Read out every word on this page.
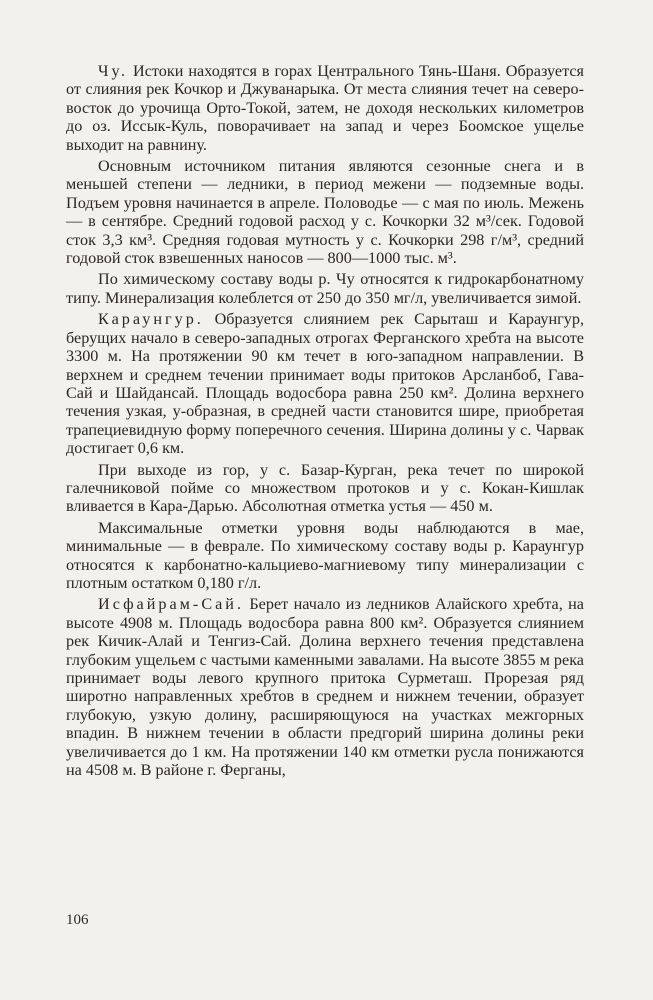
Чу. Истоки находятся в горах Центрального Тянь-Шаня. Образуется от слияния рек Кочкор и Джуванарыка. От места слияния течет на северо-восток до урочища Орто-Токой, затем, не доходя нескольких километров до оз. Иссык-Куль, поворачивает на запад и через Боомское ущелье выходит на равнину.

Основным источником питания являются сезонные снега и в меньшей степени — ледники, в период межени — подземные воды. Подъем уровня начинается в апреле. Половодье — с мая по июль. Межень — в сентябре. Средний годовой расход у с. Кочкорки 32 м³/сек. Годовой сток 3,3 км³. Средняя годовая мутность у с. Кочкорки 298 г/м³, средний годовой сток взвешенных наносов — 800—1000 тыс. м³.

По химическому составу воды р. Чу относятся к гидрокарбонатному типу. Минерализация колеблется от 250 до 350 мг/л, увеличивается зимой.

Караунгур. Образуется слиянием рек Сарыташ и Караунгур, берущих начало в северо-западных отрогах Ферганского хребта на высоте 3300 м. На протяжении 90 км течет в юго-западном направлении. В верхнем и среднем течении принимает воды притоков Арсланбоб, Гава-Сай и Шайдансай. Площадь водосбора равна 250 км². Долина верхнего течения узкая, у-образная, в средней части становится шире, приобретая трапециевидную форму поперечного сечения. Ширина долины у с. Чарвак достигает 0,6 км.

При выходе из гор, у с. Базар-Курган, река течет по широкой галечниковой пойме со множеством протоков и у с. Кокан-Кишлак вливается в Кара-Дарью. Абсолютная отметка устья — 450 м.

Максимальные отметки уровня воды наблюдаются в мае, минимальные — в феврале. По химическому составу воды р. Караунгур относятся к карбонатно-кальциево-магниевому типу минерализации с плотным остатком 0,180 г/л.

Исфайрам-Сай. Берет начало из ледников Алайского хребта, на высоте 4908 м. Площадь водосбора равна 800 км². Образуется слиянием рек Кичик-Алай и Тенгиз-Сай. Долина верхнего течения представлена глубоким ущельем с частыми каменными завалами. На высоте 3855 м река принимает воды левого крупного притока Сурметаш. Прорезая ряд широтно направленных хребтов в среднем и нижнем течении, образует глубокую, узкую долину, расширяющуюся на участках межгорных впадин. В нижнем течении в области предгорий ширина долины реки увеличивается до 1 км. На протяжении 140 км отметки русла понижаются на 4508 м. В районе г. Ферганы,

106
